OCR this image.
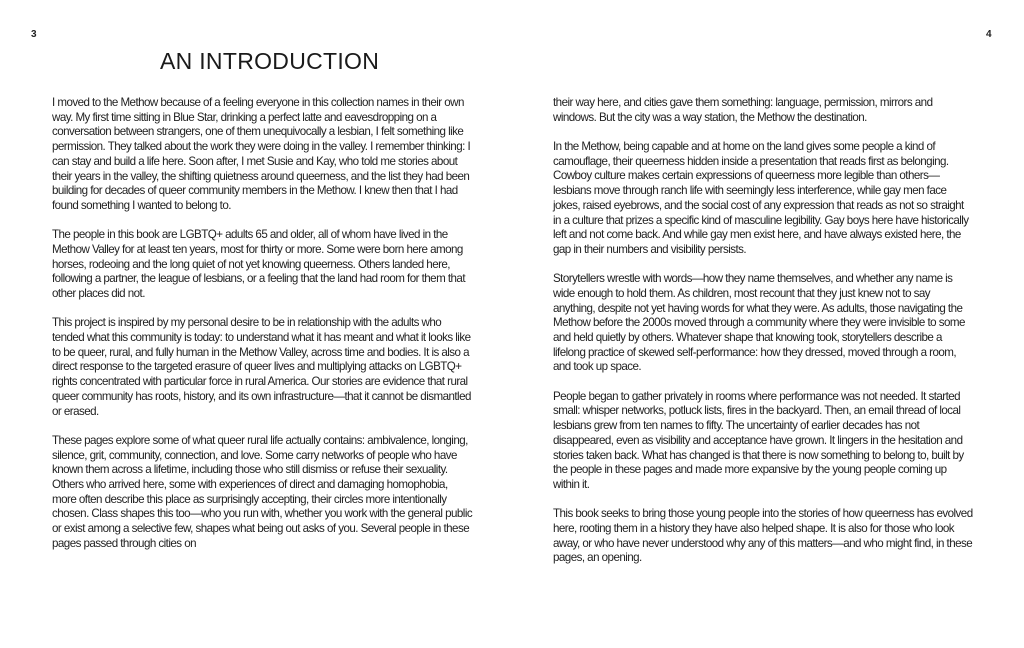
3	4
AN INTRODUCTION

I moved to the Methow because of a feeling everyone in this collection names in their own way. My first time sitting in Blue Star, drinking a perfect latte and eavesdropping on a conversation between strangers, one of them unequivocally a lesbian, I felt something like permission. They talked about the work they were doing in the valley. I remember thinking: I can stay and build a life here. Soon after, I met Susie and Kay, who told me stories about their years in the valley, the shifting quietness around queerness, and the list they had been building for decades of queer community members in the Methow. I knew then that I had found something I wanted to belong to.

The people in this book are LGBTQ+ adults 65 and older, all of whom have lived in the Methow Valley for at least ten years, most for thirty or more. Some were born here among horses, rodeoing and the long quiet of not yet knowing queerness. Others landed here, following a partner, the league of lesbians, or a feeling that the land had room for them that other places did not.

This project is inspired by my personal desire to be in relationship with the adults who tended what this community is today: to understand what it has meant and what it looks like to be queer, rural, and fully human in the Methow Valley, across time and bodies. It is also a direct response to the targeted erasure of queer lives and multiplying attacks on LGBTQ+ rights concentrated with particular force in rural America. Our stories are evidence that rural queer community has roots, history, and its own infrastructure—that it cannot be dismantled or erased.

These pages explore some of what queer rural life actually contains: ambivalence, longing, silence, grit, community, connection, and love. Some carry networks of people who have known them across a lifetime, including those who still dismiss or refuse their sexuality. Others who arrived here, some with experiences of direct and damaging homophobia, more often describe this place as surprisingly accepting, their circles more intentionally chosen. Class shapes this too—who you run with, whether you work with the general public or exist among a selective few, shapes what being out asks of you. Several people in these pages passed through cities on

their way here, and cities gave them something: language, permission, mirrors and windows. But the city was a way station, the Methow the destination.

In the Methow, being capable and at home on the land gives some people a kind of camouflage, their queerness hidden inside a presentation that reads first as belonging. Cowboy culture makes certain expressions of queerness more legible than others—lesbians move through ranch life with seemingly less interference, while gay men face jokes, raised eyebrows, and the social cost of any expression that reads as not so straight in a culture that prizes a specific kind of masculine legibility. Gay boys here have historically left and not come back. And while gay men exist here, and have always existed here, the gap in their numbers and visibility persists.

Storytellers wrestle with words—how they name themselves, and whether any name is wide enough to hold them. As children, most recount that they just knew not to say anything, despite not yet having words for what they were. As adults, those navigating the Methow before the 2000s moved through a community where they were invisible to some and held quietly by others. Whatever shape that knowing took, storytellers describe a lifelong practice of skewed self-performance: how they dressed, moved through a room, and took up space.

People began to gather privately in rooms where performance was not needed. It started small: whisper networks, potluck lists, fires in the backyard. Then, an email thread of local lesbians grew from ten names to fifty. The uncertainty of earlier decades has not disappeared, even as visibility and acceptance have grown. It lingers in the hesitation and stories taken back. What has changed is that there is now something to belong to, built by the people in these pages and made more expansive by the young people coming up within it.

This book seeks to bring those young people into the stories of how queerness has evolved here, rooting them in a history they have also helped shape. It is also for those who look away, or who have never understood why any of this matters—and who might find, in these pages, an opening.
